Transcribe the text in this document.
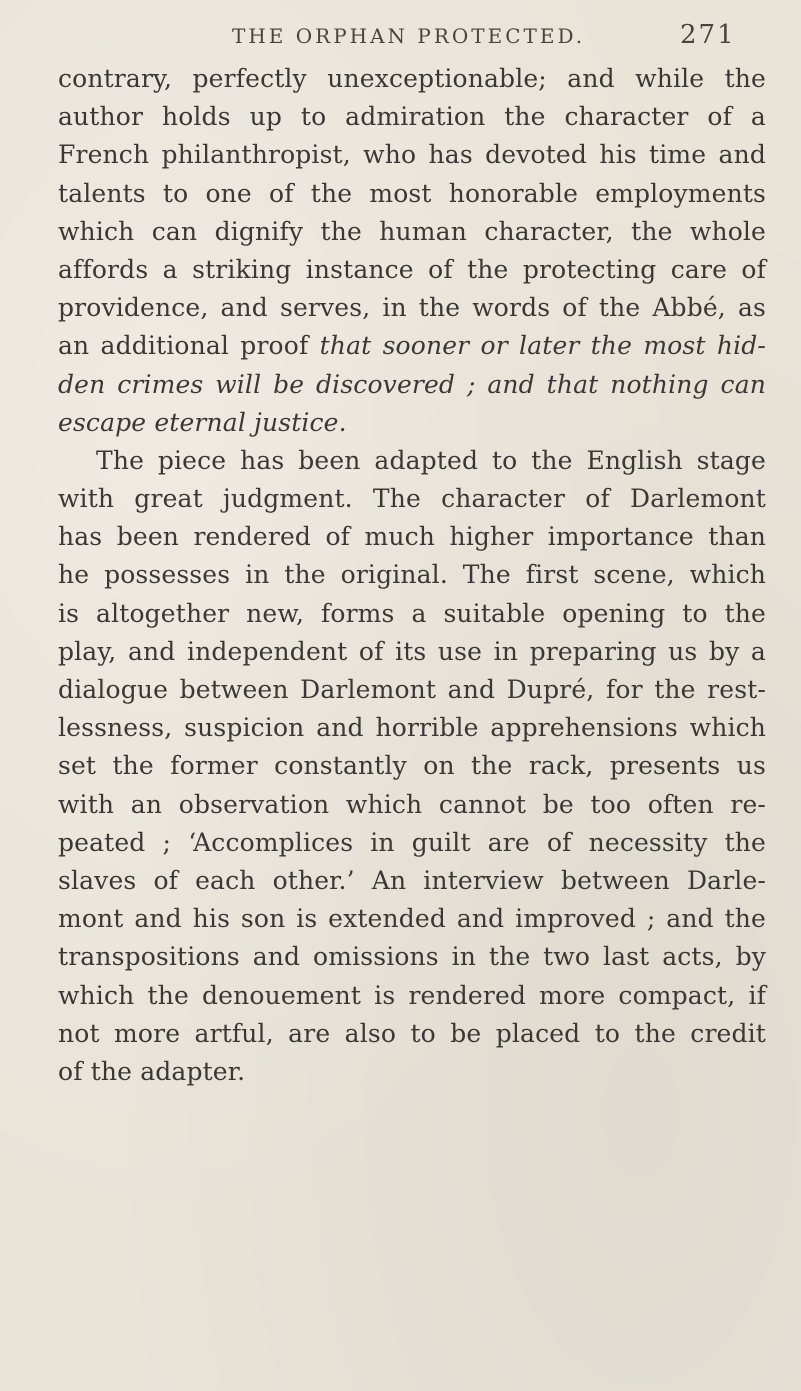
THE ORPHAN PROTECTED.	271
contrary, perfectly unexceptionable; and while the
author holds up to admiration the character of a
French philanthropist, who has devoted his time and
talents to one of the most honorable employments
which can dignify the human character, the whole
affords a striking instance of the protecting care of
providence, and serves, in the words of the Abbé, as
an additional proof that sooner or later the most hid-
den crimes will be discovered ; and that nothing can
escape eternal justice.
The piece has been adapted to the English stage
with great judgment. The character of Darlemont
has been rendered of much higher importance than
he possesses in the original. The first scene, which
is altogether new, forms a suitable opening to the
play, and independent of its use in preparing us by a
dialogue between Darlemont and Dupré, for the rest-
lessness, suspicion and horrible apprehensions which
set the former constantly on the rack, presents us
with an observation which cannot be too often re-
peated ; ‘Accomplices in guilt are of necessity the
slaves of each other.’ An interview between Darle-
mont and his son is extended and improved ; and the
transpositions and omissions in the two last acts, by
which the denouement is rendered more compact, if
not more artful, are also to be placed to the credit
of the adapter.
